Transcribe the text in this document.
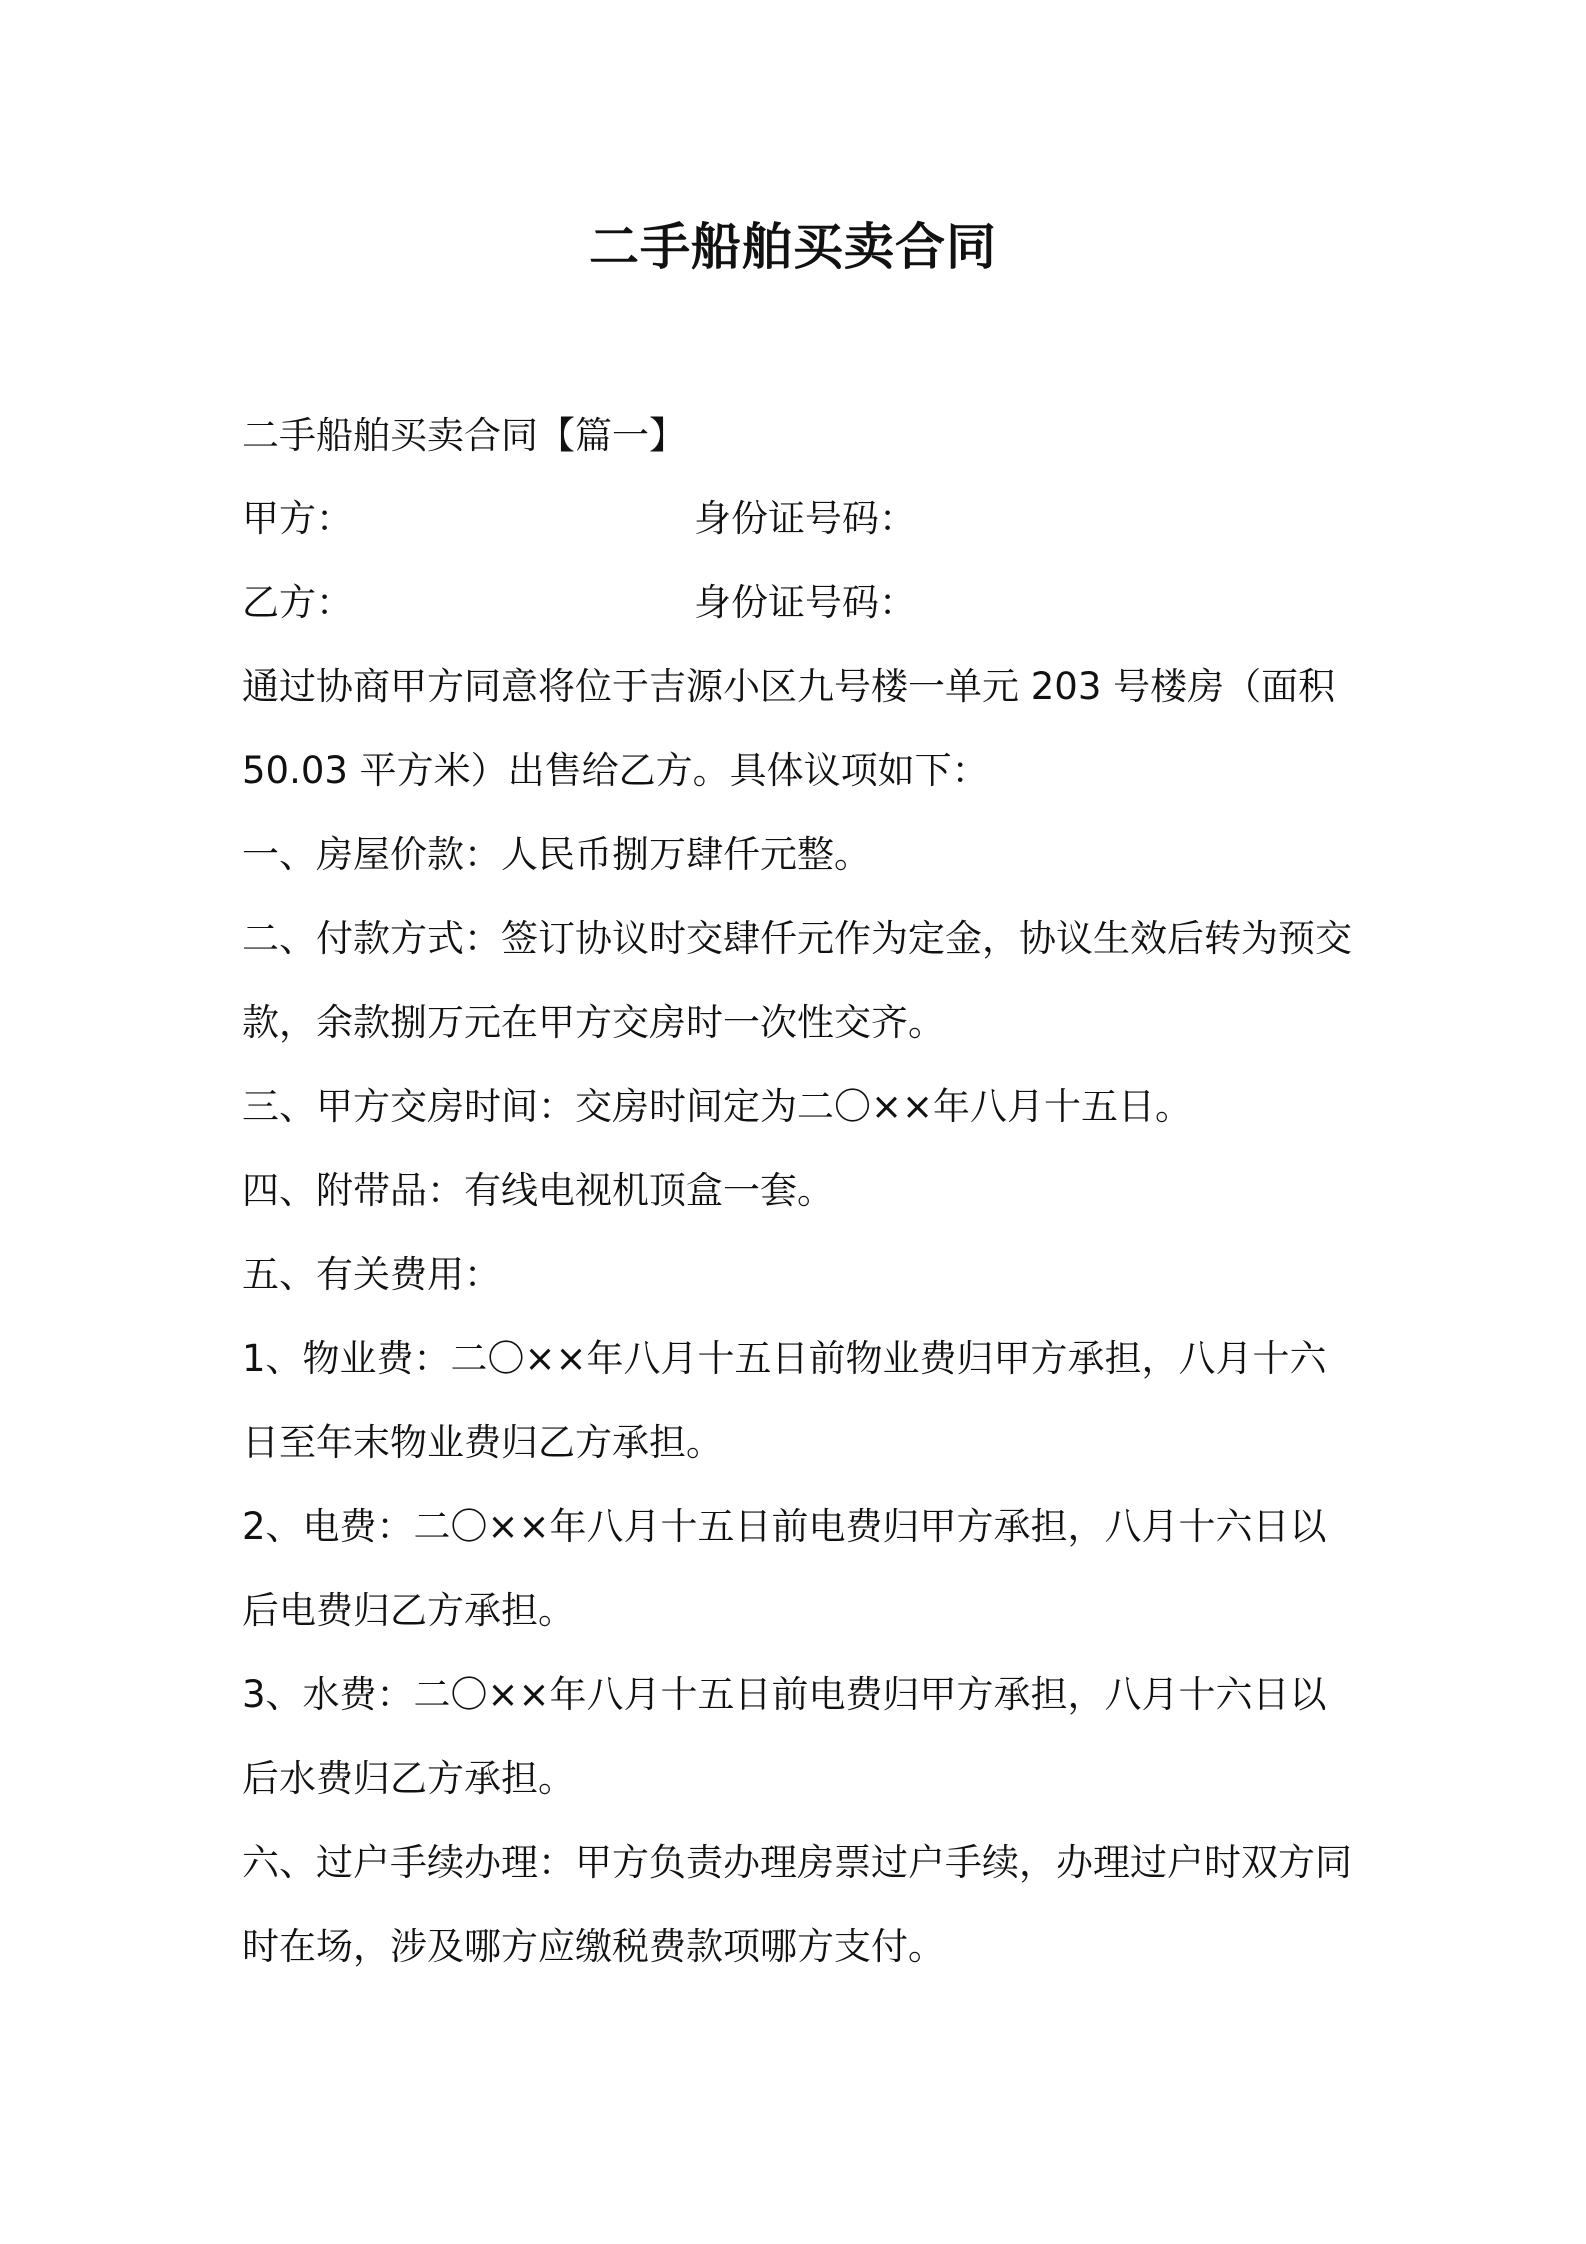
二手船舶买卖合同
二手船舶买卖合同【篇一】
甲方：	身份证号码：
乙方：	身份证号码：
通过协商甲方同意将位于吉源小区九号楼一单元 203 号楼房（面积
50.03 平方米）出售给乙方。具体议项如下：
一、房屋价款：人民币捌万肆仟元整。
二、付款方式：签订协议时交肆仟元作为定金，协议生效后转为预交
款，余款捌万元在甲方交房时一次性交齐。
三、甲方交房时间：交房时间定为二〇××年八月十五日。
四、附带品：有线电视机顶盒一套。
五、有关费用：
1、物业费：二〇××年八月十五日前物业费归甲方承担，八月十六
日至年末物业费归乙方承担。
2、电费：二〇××年八月十五日前电费归甲方承担，八月十六日以
后电费归乙方承担。
3、水费：二〇××年八月十五日前电费归甲方承担，八月十六日以
后水费归乙方承担。
六、过户手续办理：甲方负责办理房票过户手续，办理过户时双方同
时在场，涉及哪方应缴税费款项哪方支付。
